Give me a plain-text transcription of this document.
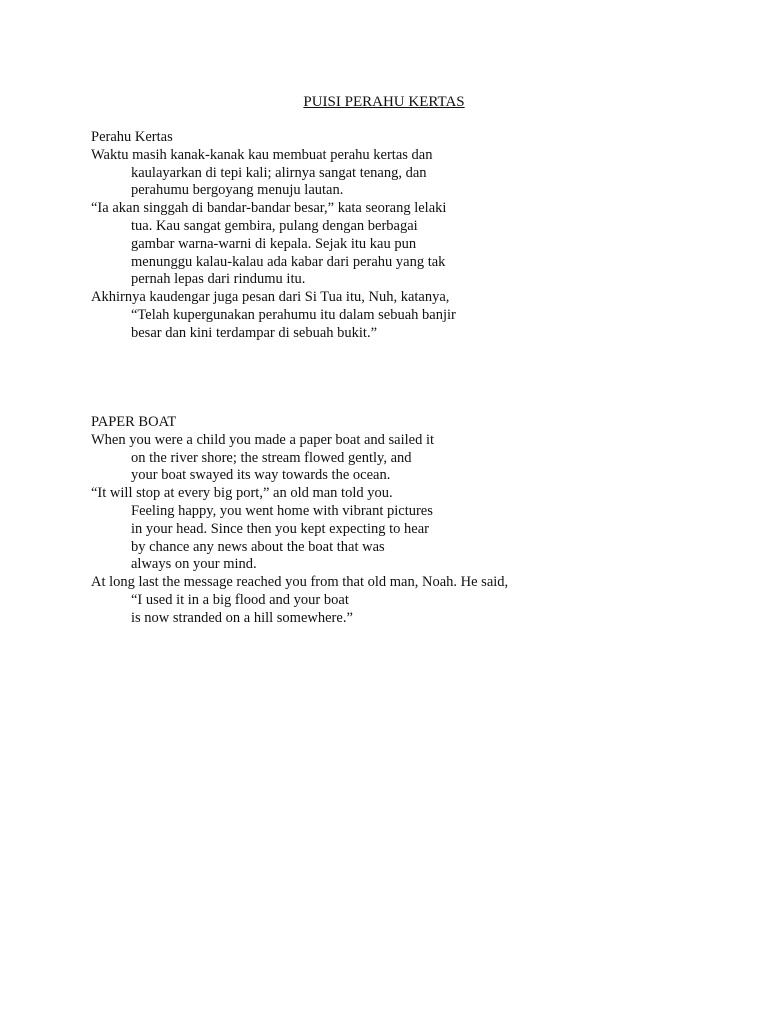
PUISI PERAHU KERTAS
Perahu Kertas
Waktu masih kanak-kanak kau membuat perahu kertas dan
kaulayarkan di tepi kali; alirnya sangat tenang, dan
perahumu bergoyang menuju lautan.
“Ia akan singgah di bandar-bandar besar,” kata seorang lelaki
tua. Kau sangat gembira, pulang dengan berbagai
gambar warna-warni di kepala. Sejak itu kau pun
menunggu kalau-kalau ada kabar dari perahu yang tak
pernah lepas dari rindumu itu.
Akhirnya kaudengar juga pesan dari Si Tua itu, Nuh, katanya,
“Telah kupergunakan perahumu itu dalam sebuah banjir
besar dan kini terdampar di sebuah bukit.”
PAPER BOAT
When you were a child you made a paper boat and sailed it
on the river shore; the stream flowed gently, and
your boat swayed its way towards the ocean.
“It will stop at every big port,” an old man told you.
Feeling happy, you went home with vibrant pictures
in your head. Since then you kept expecting to hear
by chance any news about the boat that was
always on your mind.
At long last the message reached you from that old man, Noah. He said,
“I used it in a big flood and your boat
is now stranded on a hill somewhere.”
